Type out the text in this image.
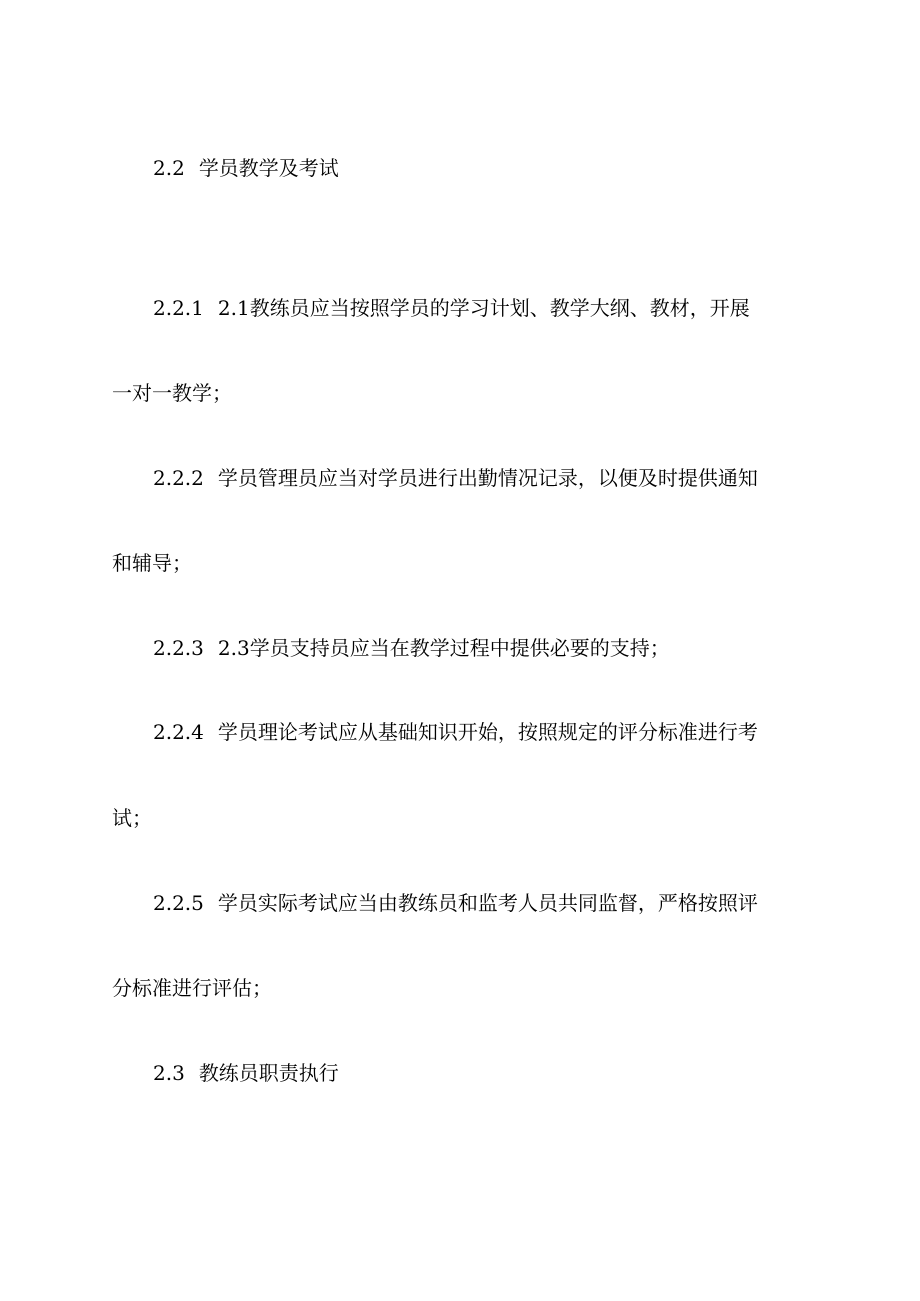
2.2 学员教学及考试
2.2.1 2.1教练员应当按照学员的学习计划、教学大纲、教材，开展
一对一教学；
2.2.2 学员管理员应当对学员进行出勤情况记录，以便及时提供通知
和辅导；
2.2.3 2.3学员支持员应当在教学过程中提供必要的支持；
2.2.4 学员理论考试应从基础知识开始，按照规定的评分标准进行考
试；
2.2.5 学员实际考试应当由教练员和监考人员共同监督，严格按照评
分标准进行评估；
2.3 教练员职责执行
